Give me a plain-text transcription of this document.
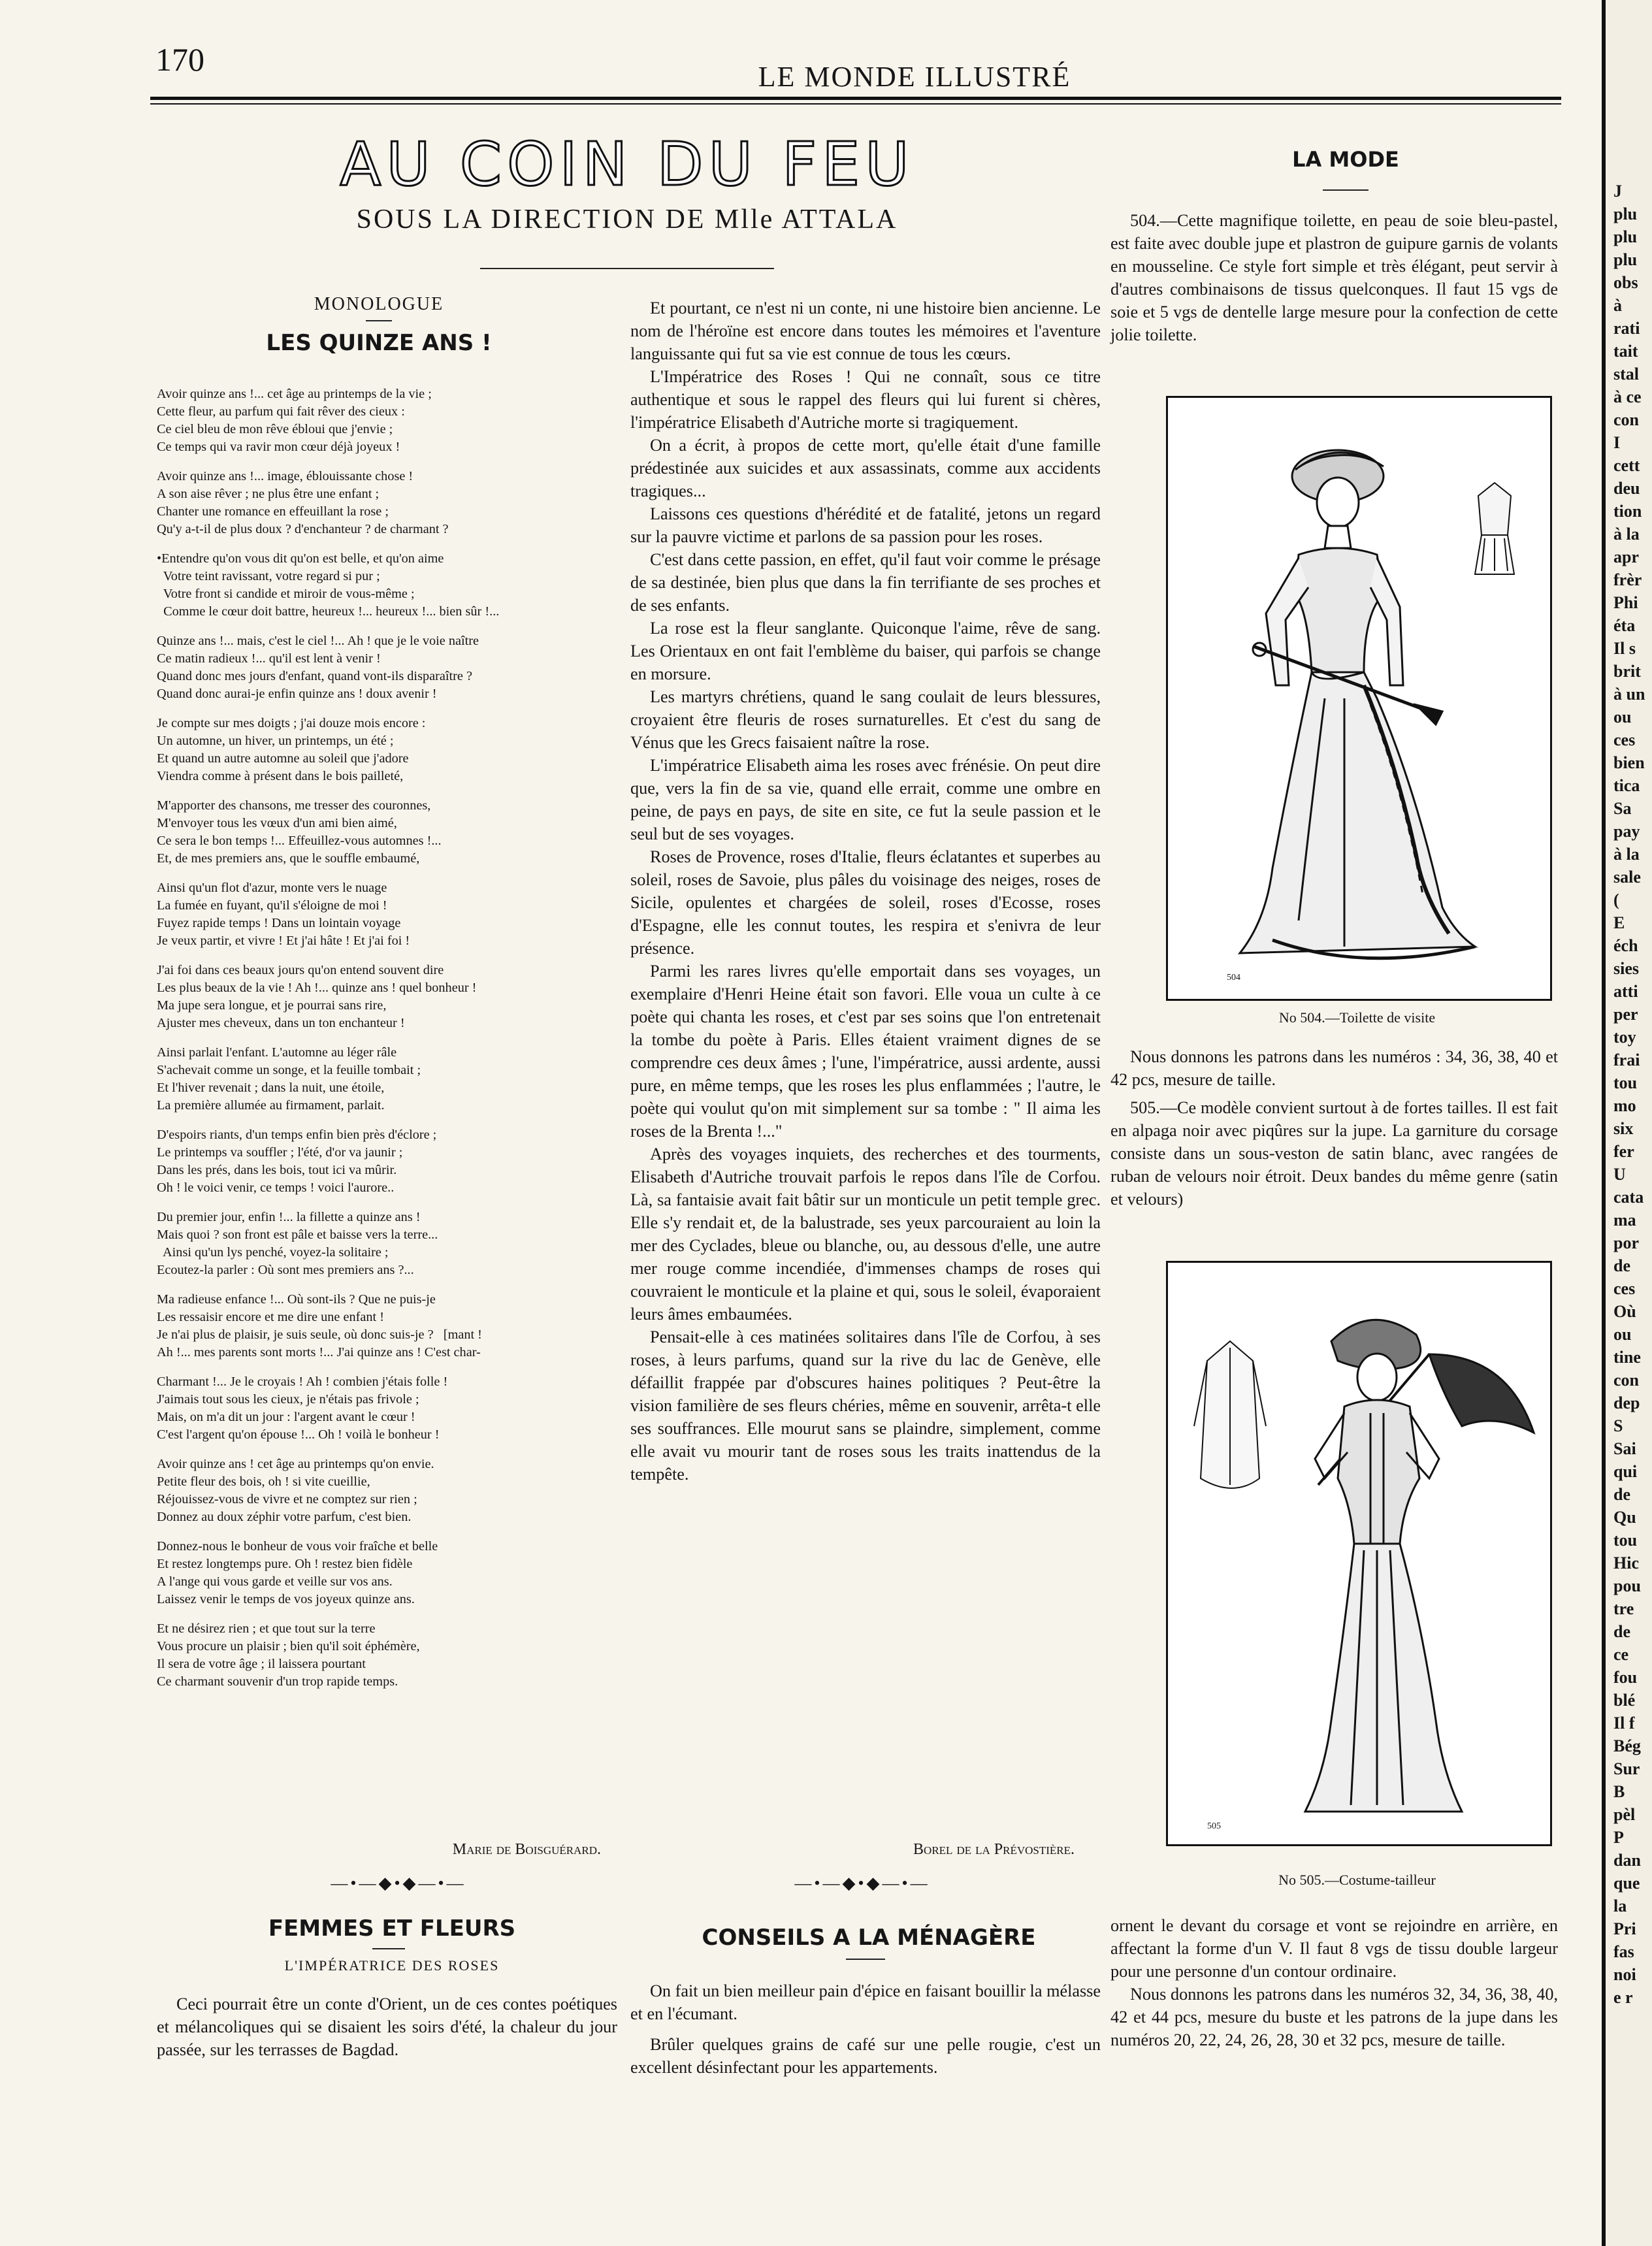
170	LE MONDE ILLUSTRÉ
AU COIN DU FEU
SOUS LA DIRECTION DE Mlle ATTALA
MONOLOGUE
LES QUINZE ANS !
Avoir quinze ans !... cet âge au printemps de la vie ;
Cette fleur, au parfum qui fait rêver des cieux :
Ce ciel bleu de mon rêve ébloui que j'envie ;
Ce temps qui va ravir mon cœur déjà joyeux !
Avoir quinze ans !... image, éblouissante chose !
A son aise rêver ; ne plus être une enfant ;
Chanter une romance en effeuillant la rose ;
Qu'y a-t-il de plus doux ? d'enchanteur ? de charmant ?
•Entendre qu'on vous dit qu'on est belle, et qu'on aime
Votre teint ravissant, votre regard si pur ;
Votre front si candide et miroir de vous-même ;
Comme le cœur doit battre, heureux !... heureux !... bien sûr !...
Quinze ans !... mais, c'est le ciel !... Ah ! que je le voie naître
Ce matin radieux !... qu'il est lent à venir !
Quand donc mes jours d'enfant, quand vont-ils disparaître ?
Quand donc aurai-je enfin quinze ans ! doux avenir !
Je compte sur mes doigts ; j'ai douze mois encore :
Un automne, un hiver, un printemps, un été ;
Et quand un autre automne au soleil que j'adore
Viendra comme à présent dans le bois pailleté,
M'apporter des chansons, me tresser des couronnes,
M'envoyer tous les vœux d'un ami bien aimé,
Ce sera le bon temps !... Effeuillez-vous automnes !...
Et, de mes premiers ans, que le souffle embaumé,
Ainsi qu'un flot d'azur, monte vers le nuage
La fumée en fuyant, qu'il s'éloigne de moi !
Fuyez rapide temps ! Dans un lointain voyage
Je veux partir, et vivre ! Et j'ai hâte ! Et j'ai foi !
J'ai foi dans ces beaux jours qu'on entend souvent dire
Les plus beaux de la vie ! Ah !... quinze ans ! quel bonheur !
Ma jupe sera longue, et je pourrai sans rire,
Ajuster mes cheveux, dans un ton enchanteur !
Ainsi parlait l'enfant. L'automne au léger râle
S'achevait comme un songe, et la feuille tombait ;
Et l'hiver revenait ; dans la nuit, une étoile,
La première allumée au firmament, parlait.
D'espoirs riants, d'un temps enfin bien près d'éclore ;
Le printemps va souffler ; l'été, d'or va jaunir ;
Dans les prés, dans les bois, tout ici va mûrir.
Oh ! le voici venir, ce temps ! voici l'aurore..
Du premier jour, enfin !... la fillette a quinze ans !
Mais quoi ? son front est pâle et baisse vers la terre...
Ainsi qu'un lys penché, voyez-la solitaire ;
Ecoutez-la parler : Où sont mes premiers ans ?...
Ma radieuse enfance !... Où sont-ils ? Que ne puis-je
Les ressaisir encore et me dire une enfant !
Je n'ai plus de plaisir, je suis seule, où donc suis-je ?   [mant !
Ah !... mes parents sont morts !... J'ai quinze ans ! C'est char-
Charmant !... Je le croyais ! Ah ! combien j'étais folle !
J'aimais tout sous les cieux, je n'étais pas frivole ;
Mais, on m'a dit un jour : l'argent avant le cœur !
C'est l'argent qu'on épouse !... Oh ! voilà le bonheur !
Avoir quinze ans ! cet âge au printemps qu'on envie.
Petite fleur des bois, oh ! si vite cueillie,
Réjouissez-vous de vivre et ne comptez sur rien ;
Donnez au doux zéphir votre parfum, c'est bien.
Donnez-nous le bonheur de vous voir fraîche et belle
Et restez longtemps pure. Oh ! restez bien fidèle
A l'ange qui vous garde et veille sur vos ans.
Laissez venir le temps de vos joyeux quinze ans.
Et ne désirez rien ; et que tout sur la terre
Vous procure un plaisir ; bien qu'il soit éphémère,
Il sera de votre âge ; il laissera pourtant
Ce charmant souvenir d'un trop rapide temps.
Marie de Boisguérard.

Et pourtant, ce n'est ni un conte, ni une histoire bien ancienne. Le nom de l'héroïne est encore dans toutes les mémoires et l'aventure languissante qui fut sa vie est connue de tous les cœurs.

L'Impératrice des Roses ! Qui ne connaît, sous ce titre authentique et sous le rappel des fleurs qui lui furent si chères, l'impératrice Elisabeth d'Autriche morte si tragiquement.

On a écrit, à propos de cette mort, qu'elle était d'une famille prédestinée aux suicides et aux assassinats, comme aux accidents tragiques...

Laissons ces questions d'hérédité et de fatalité, jetons un regard sur la pauvre victime et parlons de sa passion pour les roses.

C'est dans cette passion, en effet, qu'il faut voir comme le présage de sa destinée, bien plus que dans la fin terrifiante de ses proches et de ses enfants.

La rose est la fleur sanglante. Quiconque l'aime, rêve de sang. Les Orientaux en ont fait l'emblème du baiser, qui parfois se change en morsure.

Les martyrs chrétiens, quand le sang coulait de leurs blessures, croyaient être fleuris de roses surnaturelles. Et c'est du sang de Vénus que les Grecs faisaient naître la rose.

L'impératrice Elisabeth aima les roses avec frénésie. On peut dire que, vers la fin de sa vie, quand elle errait, comme une ombre en peine, de pays en pays, de site en site, ce fut la seule passion et le seul but de ses voyages.

Roses de Provence, roses d'Italie, fleurs éclatantes et superbes au soleil, roses de Savoie, plus pâles du voisinage des neiges, roses de Sicile, opulentes et chargées de soleil, roses d'Ecosse, roses d'Espagne, elle les connut toutes, les respira et s'enivra de leur présence.

Parmi les rares livres qu'elle emportait dans ses voyages, un exemplaire d'Henri Heine était son favori. Elle voua un culte à ce poète qui chanta les roses, et c'est par ses soins que l'on entretenait la tombe du poète à Paris. Elles étaient vraiment dignes de se comprendre ces deux âmes ; l'une, l'impératrice, aussi ardente, aussi pure, en même temps, que les roses les plus enflammées ; l'autre, le poète qui voulut qu'on mit simplement sur sa tombe : " Il aima les roses de la Brenta !..."

Après des voyages inquiets, des recherches et des tourments, Elisabeth d'Autriche trouvait parfois le repos dans l'île de Corfou. Là, sa fantaisie avait fait bâtir sur un monticule un petit temple grec. Elle s'y rendait et, de la balustrade, ses yeux parcouraient au loin la mer des Cyclades, bleue ou blanche, ou, au dessous d'elle, une autre mer rouge comme incendiée, d'immenses champs de roses qui couvraient le monticule et la plaine et qui, sous le soleil, évaporaient leurs âmes embaumées.

Pensait-elle à ces matinées solitaires dans l'île de Corfou, à ses roses, à leurs parfums, quand sur la rive du lac de Genève, elle défaillit frappée par d'obscures haines politiques ? Peut-être la vision familière de ses fleurs chéries, même en souvenir, arrêta-t elle ses souffrances. Elle mourut sans se plaindre, simplement, comme elle avait vu mourir tant de roses sous les traits inattendus de la tempête.

Borel de la Prévostière.
—•—◆•◆—•—	—•—◆•◆—•—
FEMMES ET FLEURS
L'IMPÉRATRICE DES ROSES

Ceci pourrait être un conte d'Orient, un de ces contes poétiques et mélancoliques qui se disaient les soirs d'été, la chaleur du jour passée, sur les terrasses de Bagdad.

CONSEILS A LA MÉNAGÈRE

On fait un bien meilleur pain d'épice en faisant bouillir la mélasse et en l'écumant.

Brûler quelques grains de café sur une pelle rougie, c'est un excellent désinfectant pour les appartements.

LA MODE

504.—Cette magnifique toilette, en peau de soie bleu-pastel, est faite avec double jupe et plastron de guipure garnis de volants en mousseline. Ce style fort simple et très élégant, peut servir à d'autres combinaisons de tissus quelconques. Il faut 15 vgs de soie et 5 vgs de dentelle large mesure pour la confection de cette jolie toilette.

504
No 504.—Toilette de visite

Nous donnons les patrons dans les numéros : 34, 36, 38, 40 et 42 pcs, mesure de taille.

505.—Ce modèle convient surtout à de fortes tailles. Il est fait en alpaga noir avec piqûres sur la jupe. La garniture du corsage consiste dans un sous-veston de satin blanc, avec rangées de ruban de velours noir étroit. Deux bandes du même genre (satin et velours)

505
No 505.—Costume-tailleur

ornent le devant du corsage et vont se rejoindre en arrière, en affectant la forme d'un V. Il faut 8 vgs de tissu double largeur pour une personne d'un contour ordinaire.

Nous donnons les patrons dans les numéros 32, 34, 36, 38, 40, 42 et 44 pcs, mesure du buste et les patrons de la jupe dans les numéros 20, 22, 24, 26, 28, 30 et 32 pcs, mesure de taille.

J
plu
plu
plu
obs
à
rati
tait
stal
à ce
con
I
cett
deu
tion
à la
apr
frèr
Phi
éta
Il s
brit
à un
ou
ces
bien
tica
Sa
pay
à la
sale
(
E
éch
sies
atti
per
toy
frai
tou
mo
six
fer
U
cata
ma
por
de
ces
Où
ou
tine
con
dep
S
Sai
qui
de
Qu
tou
Hic
pou
tre
de
ce
fou
blé
Il f
Bég
Sur
B
pèl
P
dan
que
la
Pri
fas
noi
e r
